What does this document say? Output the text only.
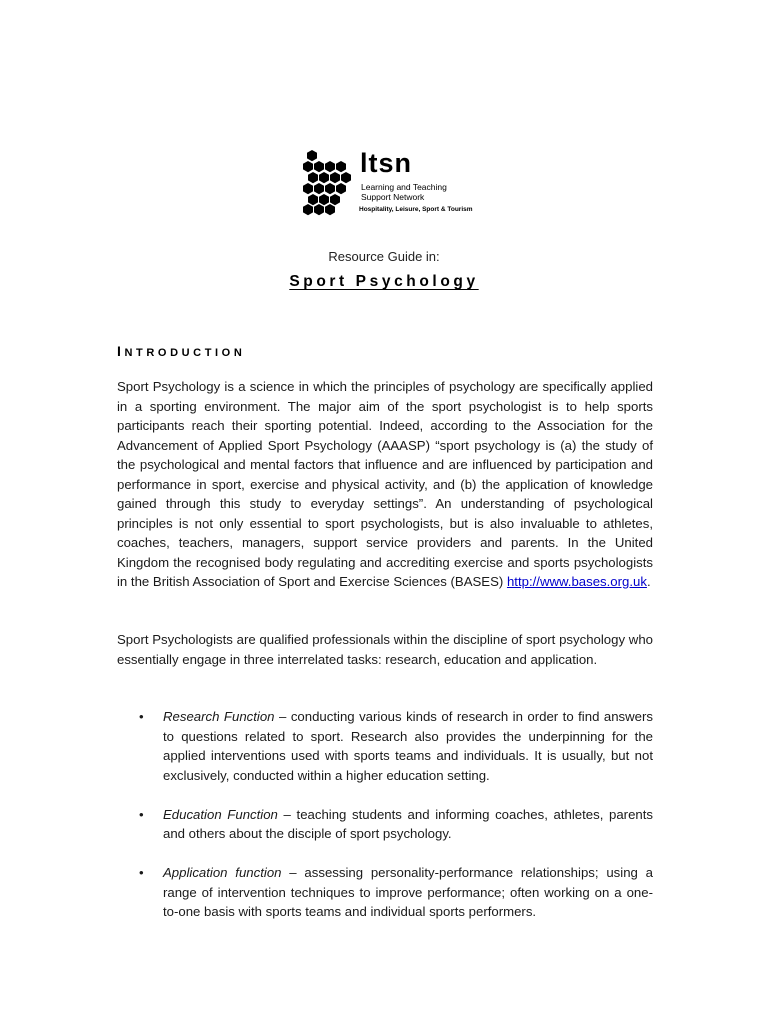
ltsn
Learning and Teaching
Support Network
Hospitality, Leisure, Sport & Tourism
Resource Guide in:
Sport Psychology
INTRODUCTION

Sport Psychology is a science in which the principles of psychology are specifically applied in a sporting environment. The major aim of the sport psychologist is to help sports participants reach their sporting potential. Indeed, according to the Association for the Advancement of Applied Sport Psychology (AAASP) “sport psychology is (a) the study of the psychological and mental factors that influence and are influenced by participation and performance in sport, exercise and physical activity, and (b) the application of knowledge gained through this study to everyday settings”. An understanding of psychological principles is not only essential to sport psychologists, but is also invaluable to athletes, coaches, teachers, managers, support service providers and parents. In the United Kingdom the recognised body regulating and accrediting exercise and sports psychologists in the British Association of Sport and Exercise Sciences (BASES) http://www.bases.org.uk.

Sport Psychologists are qualified professionals within the discipline of sport psychology who essentially engage in three interrelated tasks: research, education and application.

• Research Function – conducting various kinds of research in order to find answers to questions related to sport. Research also provides the underpinning for the applied interventions used with sports teams and individuals. It is usually, but not exclusively, conducted within a higher education setting.
• Education Function – teaching students and informing coaches, athletes, parents and others about the disciple of sport psychology.
• Application function – assessing personality-performance relationships; using a range of intervention techniques to improve performance; often working on a one-to-one basis with sports teams and individual sports performers.
